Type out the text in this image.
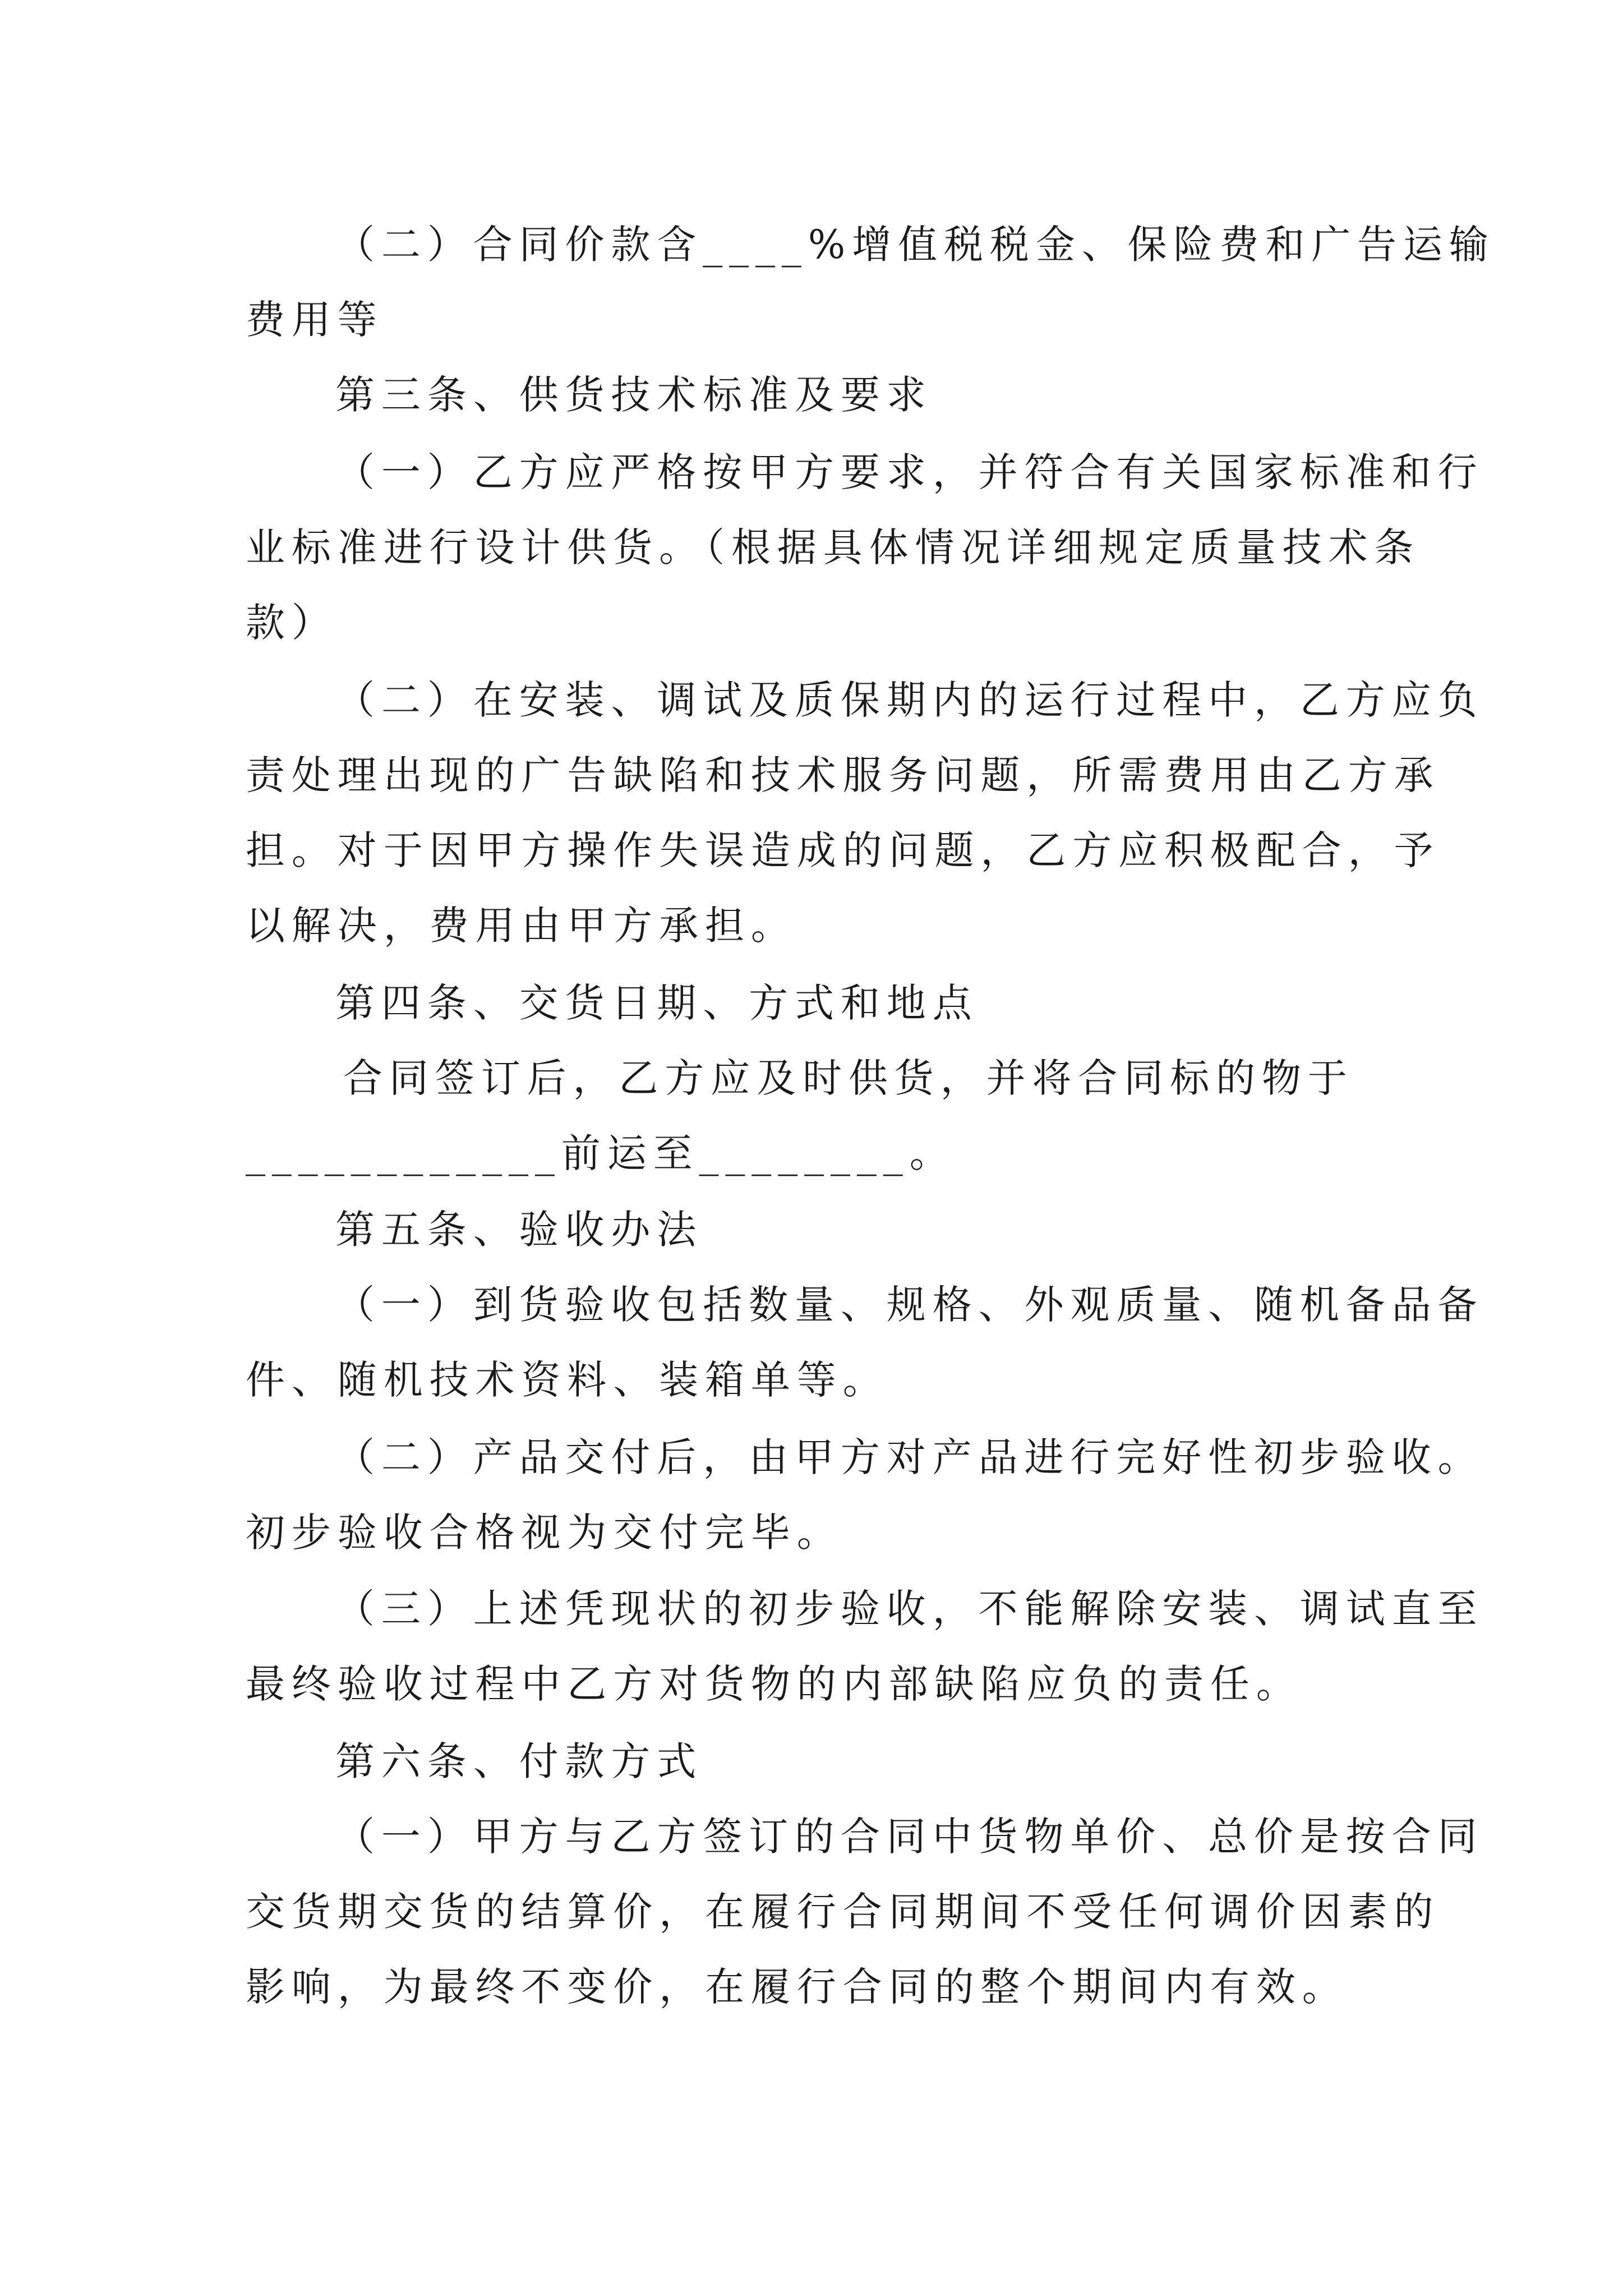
（二）合同价款含____%增值税税金、保险费和广告运输
费用等
第三条、供货技术标准及要求
（一）乙方应严格按甲方要求，并符合有关国家标准和行
业标准进行设计供货。（根据具体情况详细规定质量技术条
款）
（二）在安装、调试及质保期内的运行过程中，乙方应负
责处理出现的广告缺陷和技术服务问题，所需费用由乙方承
担。对于因甲方操作失误造成的问题，乙方应积极配合，予
以解决，费用由甲方承担。
第四条、交货日期、方式和地点
合同签订后，乙方应及时供货，并将合同标的物于
____________前运至________。
第五条、验收办法
（一）到货验收包括数量、规格、外观质量、随机备品备
件、随机技术资料、装箱单等。
（二）产品交付后，由甲方对产品进行完好性初步验收。
初步验收合格视为交付完毕。
（三）上述凭现状的初步验收，不能解除安装、调试直至
最终验收过程中乙方对货物的内部缺陷应负的责任。
第六条、付款方式
（一）甲方与乙方签订的合同中货物单价、总价是按合同
交货期交货的结算价，在履行合同期间不受任何调价因素的
影响，为最终不变价，在履行合同的整个期间内有效。
